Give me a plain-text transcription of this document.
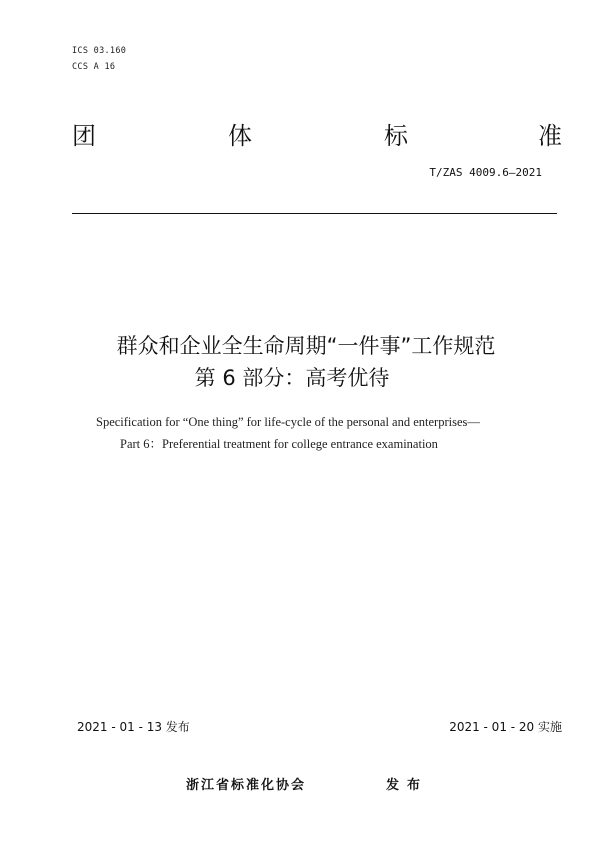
ICS 03.160
CCS A 16
团	体	标	准
T/ZAS 4009.6—2021
群众和企业全生命周期“一件事”工作规范
第 6 部分：高考优待
Specification for “One thing” for life-cycle of the personal and enterprises—
Part 6：Preferential treatment for college entrance examination
2021 - 01 - 13 发布	2021 - 01 - 20 实施
浙江省标准化协会	发布
